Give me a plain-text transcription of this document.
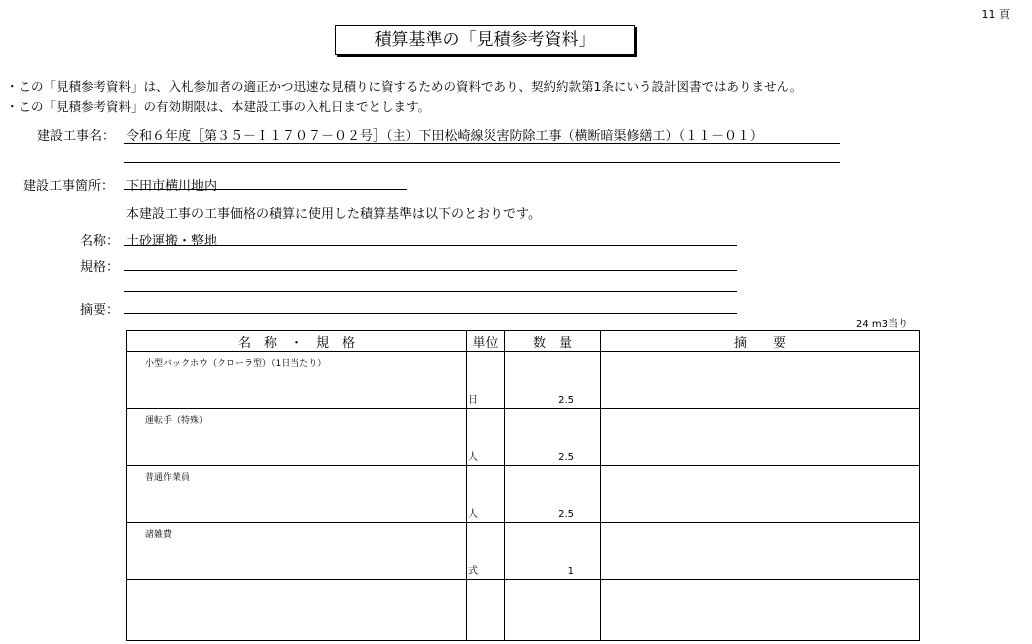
11 頁
積算基準の「見積参考資料」
・この「見積参考資料」は、入札参加者の適正かつ迅速な見積りに資するための資料であり、契約約款第1条にいう設計図書ではありません。
・この「見積参考資料」の有効期限は、本建設工事の入札日までとします。
建設工事名： 令和６年度［第３５－Ｉ１７０７－０２号］（主）下田松崎線災害防除工事（横断暗渠修繕工）（１１－０１）
建設工事箇所： 下田市横川地内
本建設工事の工事価格の積算に使用した積算基準は以下のとおりです。
名称： 土砂運搬・整地
規格：
摘要：
24 m3当り
名　称　・　規　格	単位	数　量	摘　　要

小型バックホウ（クローラ型）（1日当たり）	日	2.5	

運転手（特殊）	人	2.5	

普通作業員	人	2.5	

諸雑費	式	1	
